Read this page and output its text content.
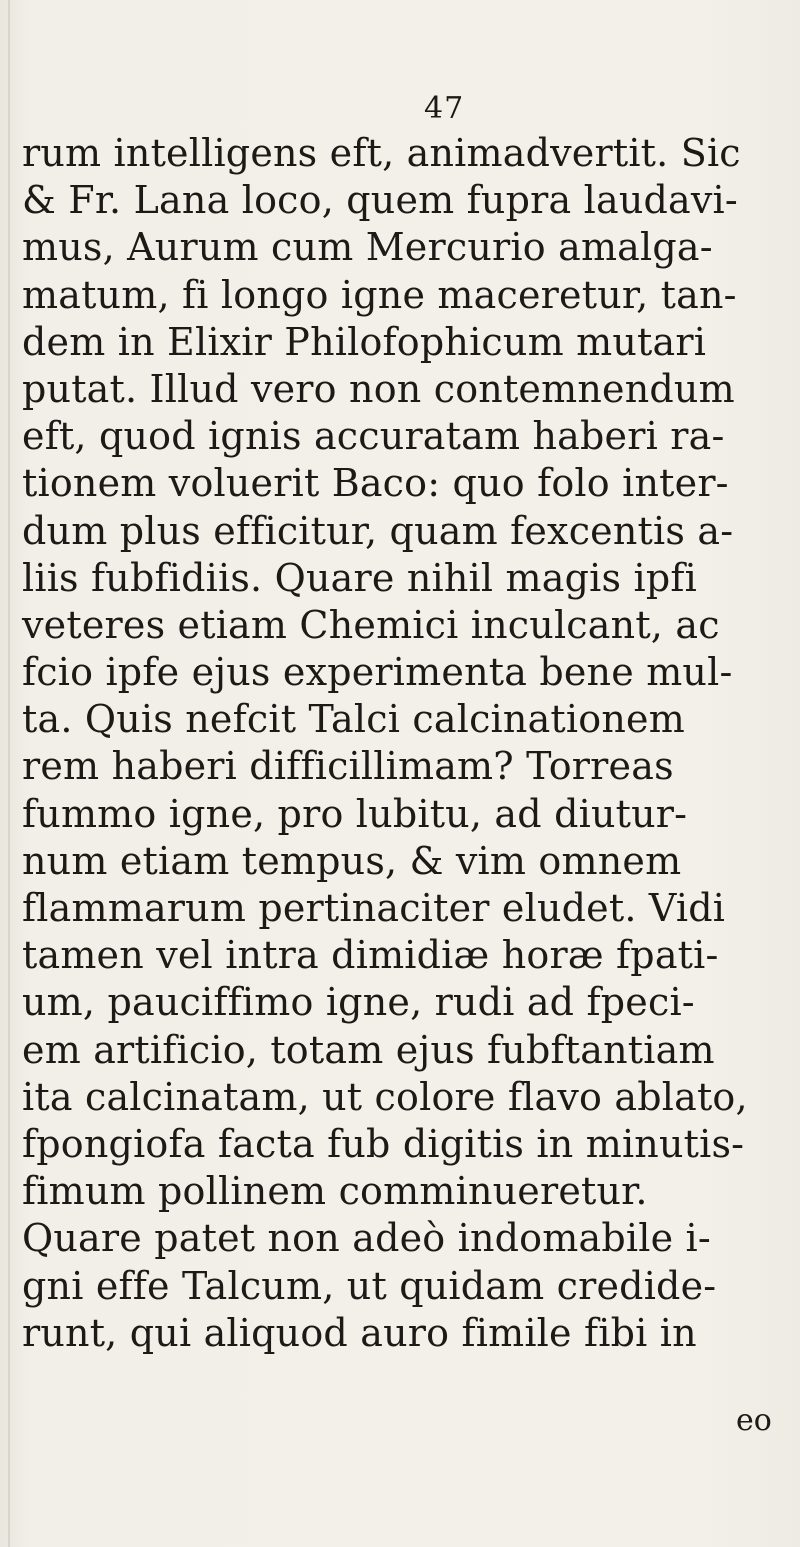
47
rum intelligens eft, animadvertit. Sic
& Fr. Lana loco, quem fupra laudavi-
mus, Aurum cum Mercurio amalga-
matum, fi longo igne maceretur, tan-
dem in Elixir Philofophicum mutari
putat. Illud vero non contemnendum
eft, quod ignis accuratam haberi ra-
tionem voluerit Baco: quo folo inter-
dum plus efficitur, quam fexcentis a-
liis fubfidiis. Quare nihil magis ipfi
veteres etiam Chemici inculcant, ac
fcio ipfe ejus experimenta bene mul-
ta. Quis nefcit Talci calcinationem
rem haberi difficillimam? Torreas
fummo igne, pro lubitu, ad diutur-
num etiam tempus, & vim omnem
flammarum pertinaciter eludet. Vidi
tamen vel intra dimidiæ horæ fpati-
um, pauciffimo igne, rudi ad fpeci-
em artificio, totam ejus fubftantiam
ita calcinatam, ut colore flavo ablato,
fpongiofa facta fub digitis in minutis-
fimum pollinem comminueretur.
Quare patet non adeò indomabile i-
gni effe Talcum, ut quidam credide-
runt, qui aliquod auro fimile fibi in
eo
